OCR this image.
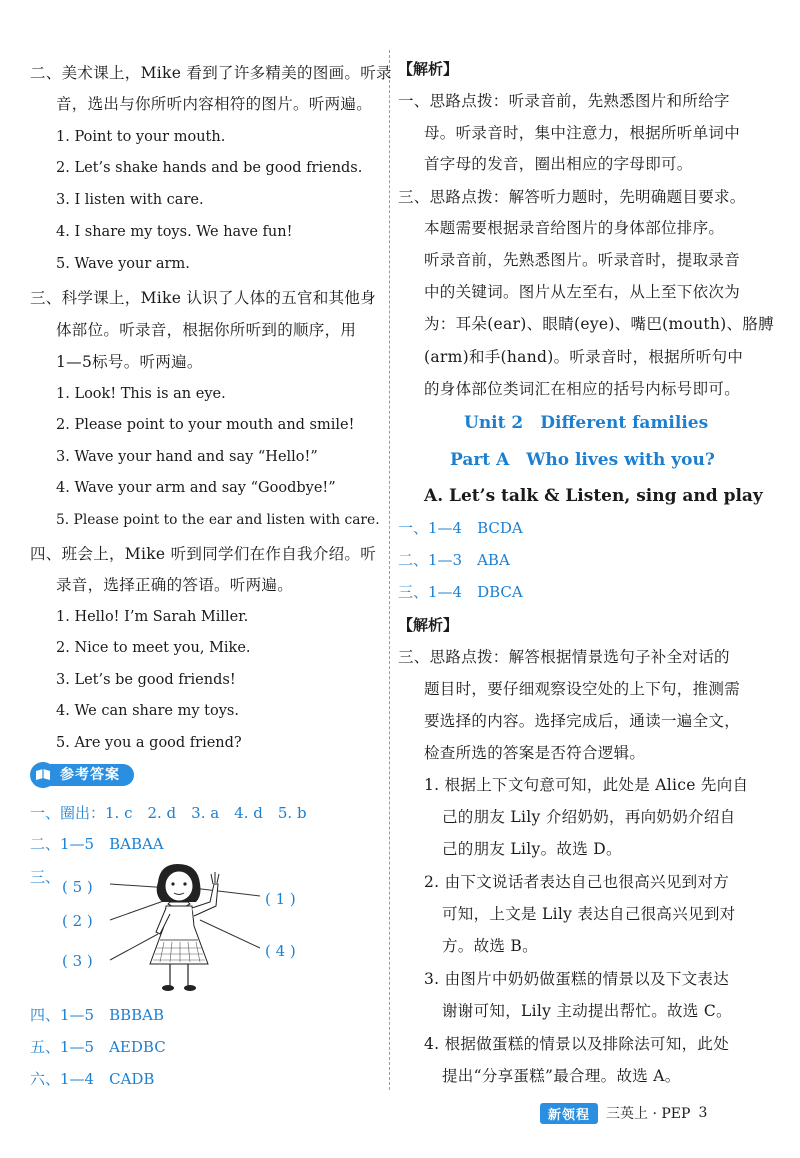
二、美术课上，Mike 看到了许多精美的图画。听录
音，选出与你所听内容相符的图片。听两遍。
1. Point to your mouth.
2. Let’s shake hands and be good friends.
3. I listen with care.
4. I share my toys. We have fun!
5. Wave your arm.
三、科学课上，Mike 认识了人体的五官和其他身
体部位。听录音，根据你所听到的顺序，用
1—5标号。听两遍。
1. Look! This is an eye.
2. Please point to your mouth and smile!
3. Wave your hand and say “Hello!”
4. Wave your arm and say “Goodbye!”
5. Please point to the ear and listen with care.
四、班会上，Mike 听到同学们在作自我介绍。听
录音，选择正确的答语。听两遍。
1. Hello! I’m Sarah Miller.
2. Nice to meet you, Mike.
3. Let’s be good friends!
4. We can share my toys.
5. Are you a good friend?
参考答案
一、圈出：1. c　2. d　3. a　4. d　5. b
二、1—5　BABAA
三、
( 5 )
( 2 )
( 3 )
( 1 )
( 4 )
四、1—5　BBBAB
五、1—5　AEDBC
六、1—4　CADB
【解析】
一、思路点拨：听录音前，先熟悉图片和所给字
母。听录音时，集中注意力，根据所听单词中
首字母的发音，圈出相应的字母即可。
三、思路点拨：解答听力题时，先明确题目要求。
本题需要根据录音给图片的身体部位排序。
听录音前，先熟悉图片。听录音时，提取录音
中的关键词。图片从左至右，从上至下依次为
为：耳朵(ear)、眼睛(eye)、嘴巴(mouth)、胳膊
(arm)和手(hand)。听录音时，根据所听句中
的身体部位类词汇在相应的括号内标号即可。
Unit 2　Different families
Part A　Who lives with you?
A. Let’s talk & Listen, sing and play
一、1—4　BCDA
二、1—3　ABA
三、1—4　DBCA
【解析】
三、思路点拨：解答根据情景选句子补全对话的
题目时，要仔细观察设空处的上下句，推测需
要选择的内容。选择完成后，通读一遍全文，
检查所选的答案是否符合逻辑。
1. 根据上下文句意可知，此处是 Alice 先向自
己的朋友 Lily 介绍奶奶，再向奶奶介绍自
己的朋友 Lily。故选 D。
2. 由下文说话者表达自己也很高兴见到对方
可知，上文是 Lily 表达自己很高兴见到对
方。故选 B。
3. 由图片中奶奶做蛋糕的情景以及下文表达
谢谢可知，Lily 主动提出帮忙。故选 C。
4. 根据做蛋糕的情景以及排除法可知，此处
提出“分享蛋糕”最合理。故选 A。
新领程	三英上 · PEP 3
